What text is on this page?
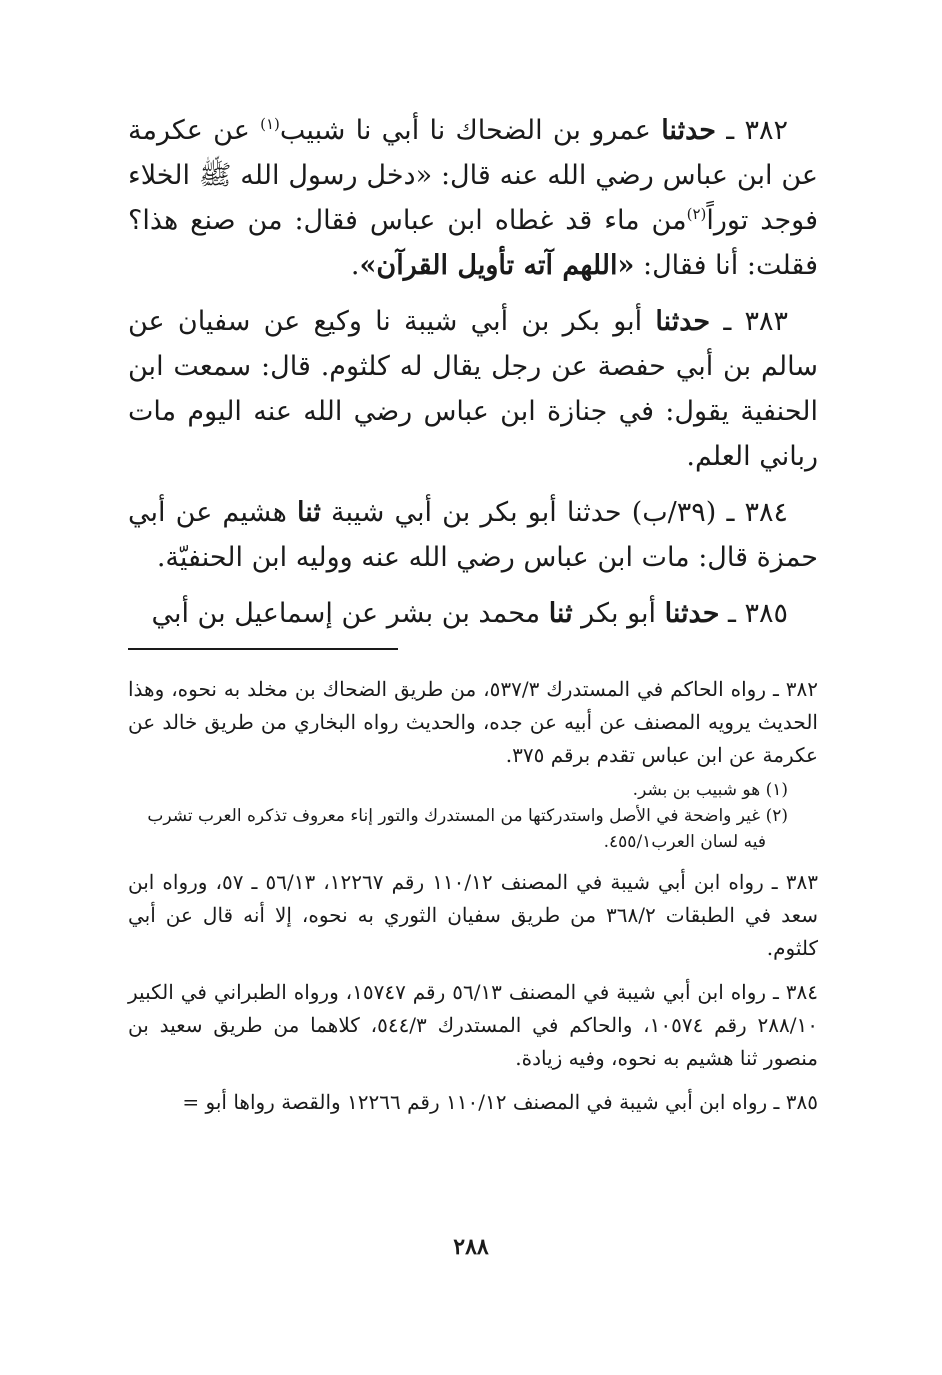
٣٨٢ ـ حدثنا عمرو بن الضحاك نا أبي نا شبيب$^{(١)}$ عن عكرمة عن ابن عباس رضي الله عنه قال: «دخل رسول الله ﷺ الخلاء فوجد توراً$^{(٢)}$من ماء قد غطاه ابن عباس فقال: من صنع هذا؟ فقلت: أنا فقال: «اللهم آته تأويل القرآن».

٣٨٣ ـ حدثنا أبو بكر بن أبي شيبة نا وكيع عن سفيان عن سالم بن أبي حفصة عن رجل يقال له كلثوم. قال: سمعت ابن الحنفية يقول: في جنازة ابن عباس رضي الله عنه اليوم مات رباني العلم.

٣٨٤ ـ (٣٩/ب) حدثنا أبو بكر بن أبي شيبة ثنا هشيم عن أبي حمزة قال: مات ابن عباس رضي الله عنه ووليه ابن الحنفيّة.

٣٨٥ ـ حدثنا أبو بكر ثنا محمد بن بشر عن إسماعيل بن أبي

٣٨٢ ـ رواه الحاكم في المستدرك ٥٣٧/٣، من طريق الضحاك بن مخلد به نحوه، وهذا الحديث يرويه المصنف عن أبيه عن جده، والحديث رواه البخاري من طريق خالد عن عكرمة عن ابن عباس تقدم برقم ٣٧٥.

(١) هو شبيب بن بشر.
(٢) غير واضحة في الأصل واستدركتها من المستدرك والتور إناء معروف تذكره العرب تشرب
فيه لسان العرب٤٥٥/١.

٣٨٣ ـ رواه ابن أبي شيبة في المصنف ١١٠/١٢ رقم ١٢٢٦٧، ٥٦/١٣ ـ ٥٧، ورواه ابن سعد في الطبقات ٣٦٨/٢ من طريق سفيان الثوري به نحوه، إلا أنه قال عن أبي كلثوم.

٣٨٤ ـ رواه ابن أبي شيبة في المصنف ٥٦/١٣ رقم ١٥٧٤٧، ورواه الطبراني في الكبير ٢٨٨/١٠ رقم ١٠٥٧٤، والحاكم في المستدرك ٥٤٤/٣، كلاهما من طريق سعيد بن منصور ثنا هشيم به نحوه، وفيه زيادة.

٣٨٥ ـ رواه ابن أبي شيبة في المصنف ١١٠/١٢ رقم ١٢٢٦٦ والقصة رواها أبو =

٢٨٨
